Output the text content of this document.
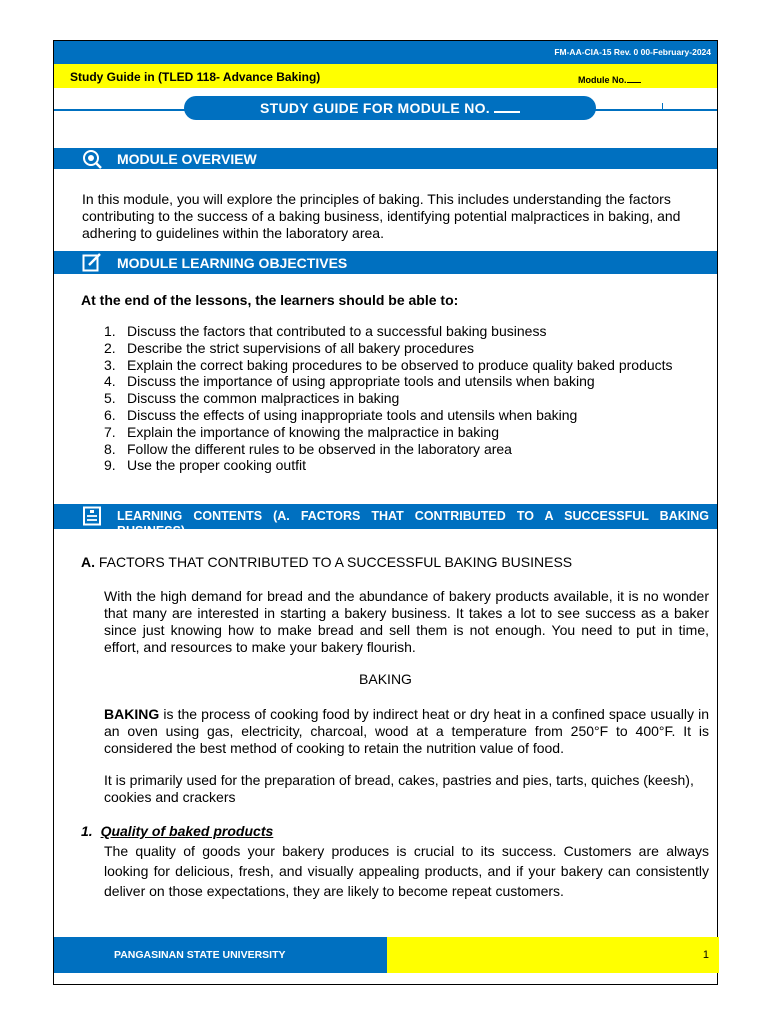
FM-AA-CIA-15 Rev. 0 00-February-2024
Study Guide in (TLED 118- Advance Baking)	Module No.
STUDY GUIDE FOR MODULE NO.
MODULE OVERVIEW
In this module, you will explore the principles of baking. This includes understanding the factors contributing to the success of a baking business, identifying potential malpractices in baking, and adhering to guidelines within the laboratory area.
MODULE LEARNING OBJECTIVES
At the end of the lessons, the learners should be able to:
1. Discuss the factors that contributed to a successful baking business
2. Describe the strict supervisions of all bakery procedures
3. Explain the correct baking procedures to be observed to produce quality baked products
4. Discuss the importance of using appropriate tools and utensils when baking
5. Discuss the common malpractices in baking
6. Discuss the effects of using inappropriate tools and utensils when baking
7. Explain the importance of knowing the malpractice in baking
8. Follow the different rules to be observed in the laboratory area
9. Use the proper cooking outfit
LEARNING CONTENTS (A. FACTORS THAT CONTRIBUTED TO A SUCCESSFUL BAKING BUSINESS)
A. FACTORS THAT CONTRIBUTED TO A SUCCESSFUL BAKING BUSINESS
With the high demand for bread and the abundance of bakery products available, it is no wonder that many are interested in starting a bakery business. It takes a lot to see success as a baker since just knowing how to make bread and sell them is not enough. You need to put in time, effort, and resources to make your bakery flourish.
BAKING
BAKING is the process of cooking food by indirect heat or dry heat in a confined space usually in an oven using gas, electricity, charcoal, wood at a temperature from 250°F to 400°F. It is considered the best method of cooking to retain the nutrition value of food.
It is primarily used for the preparation of bread, cakes, pastries and pies, tarts, quiches (keesh), cookies and crackers
1. Quality of baked products
The quality of goods your bakery produces is crucial to its success. Customers are always looking for delicious, fresh, and visually appealing products, and if your bakery can consistently deliver on those expectations, they are likely to become repeat customers.
PANGASINAN STATE UNIVERSITY	1
